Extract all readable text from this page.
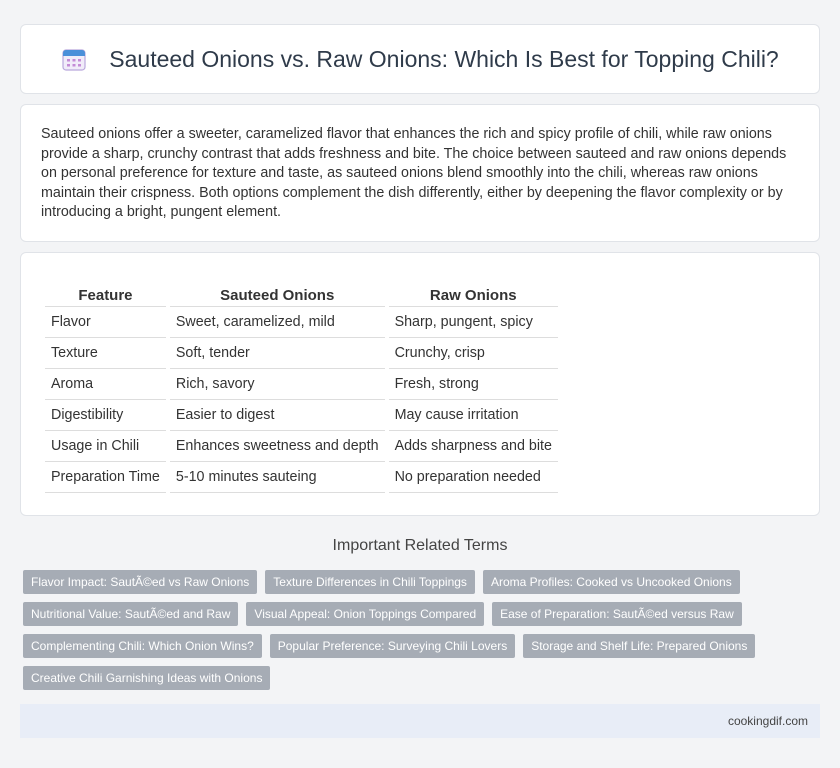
Sauteed Onions vs. Raw Onions: Which Is Best for Topping Chili?

Sauteed onions offer a sweeter, caramelized flavor that enhances the rich and spicy profile of chili, while raw onions provide a sharp, crunchy contrast that adds freshness and bite. The choice between sauteed and raw onions depends on personal preference for texture and taste, as sauteed onions blend smoothly into the chili, whereas raw onions maintain their crispness. Both options complement the dish differently, either by deepening the flavor complexity or by introducing a bright, pungent element.

Feature	Sauteed Onions	Raw Onions
Flavor	Sweet, caramelized, mild	Sharp, pungent, spicy
Texture	Soft, tender	Crunchy, crisp
Aroma	Rich, savory	Fresh, strong
Digestibility	Easier to digest	May cause irritation
Usage in Chili	Enhances sweetness and depth	Adds sharpness and bite
Preparation Time	5-10 minutes sauteing	No preparation needed
Important Related Terms
Flavor Impact: SautÃ©ed vs Raw Onions	Texture Differences in Chili Toppings	Aroma Profiles: Cooked vs Uncooked Onions
Nutritional Value: SautÃ©ed and Raw	Visual Appeal: Onion Toppings Compared	Ease of Preparation: SautÃ©ed versus Raw
Complementing Chili: Which Onion Wins?	Popular Preference: Surveying Chili Lovers	Storage and Shelf Life: Prepared Onions
Creative Chili Garnishing Ideas with Onions
cookingdif.com
